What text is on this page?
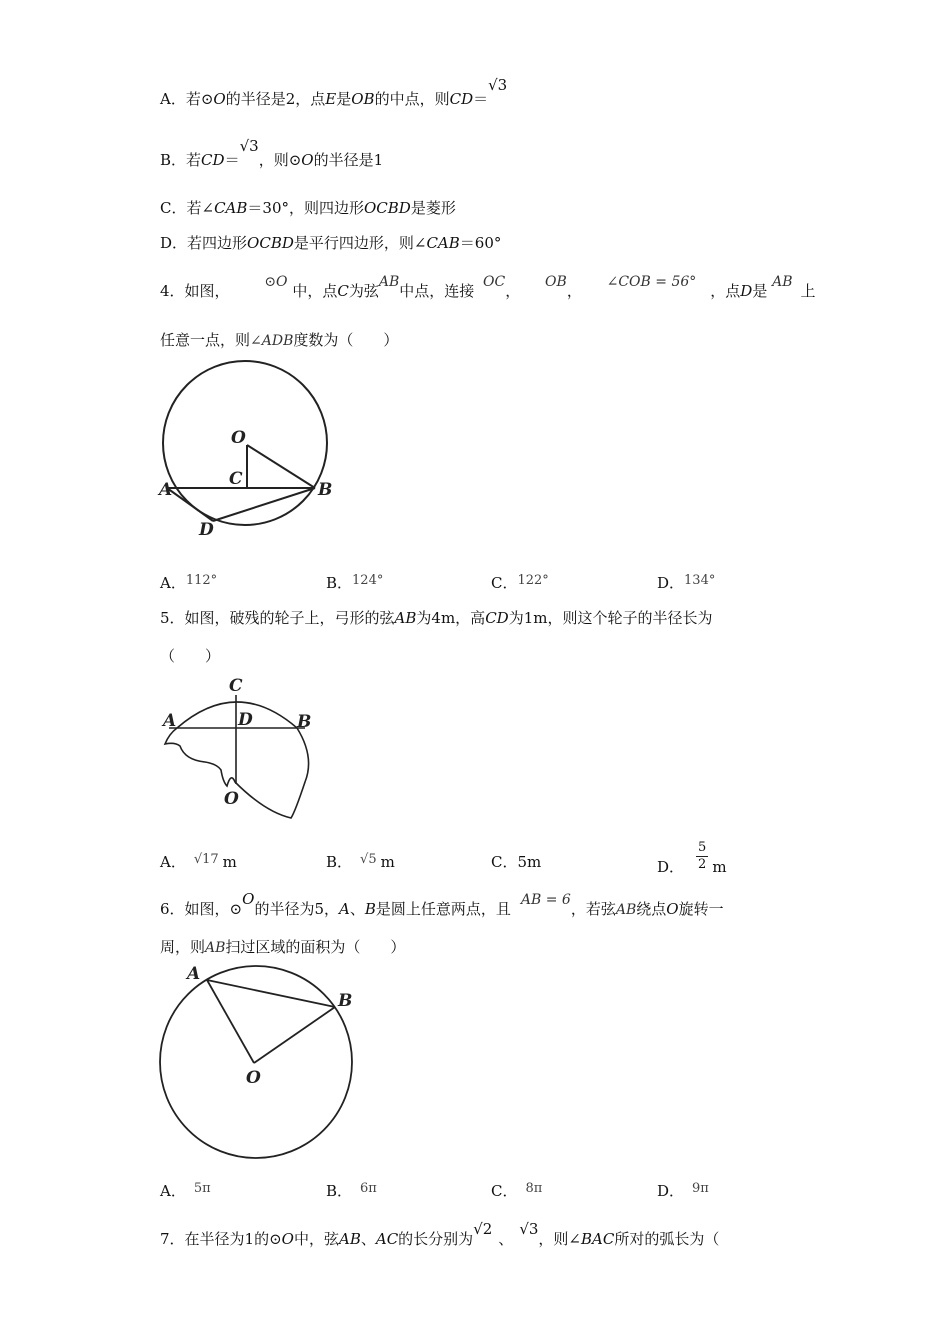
A．若⊙O的半径是2，点E是OB的中点，则CD＝√3
B．若CD＝√3，则⊙O的半径是1
C．若∠CAB＝30°，则四边形OCBD是菱形
D．若四边形OCBD是平行四边形，则∠CAB＝60°
4．如图， ⊙O 中，点C为弦AB中点，连接 OC， OB， ∠COB = 56° ，点D是 AB 上
任意一点，则∠ADB度数为（　　）
O
C
A	B
D
A．112°	B．124°	C．122°	D．134°
5．如图，破残的轮子上，弓形的弦AB为4m，高CD为1m，则这个轮子的半径长为
（　　）
C
A	D	B
O
A． √17 m	B． √5 m	C．5m	D． $\frac{5}{2}$ m
6．如图，⊙O的半径为5，A、B是圆上任意两点，且 AB = 6，若弦AB绕点O旋转一
周，则AB扫过区域的面积为（　　）
A
B
O
A． 5π	B． 6π	C． 8π	D． 9π
7．在半径为1的⊙O中，弦AB、AC的长分别为√2、√3，则∠BAC所对的弧长为（
